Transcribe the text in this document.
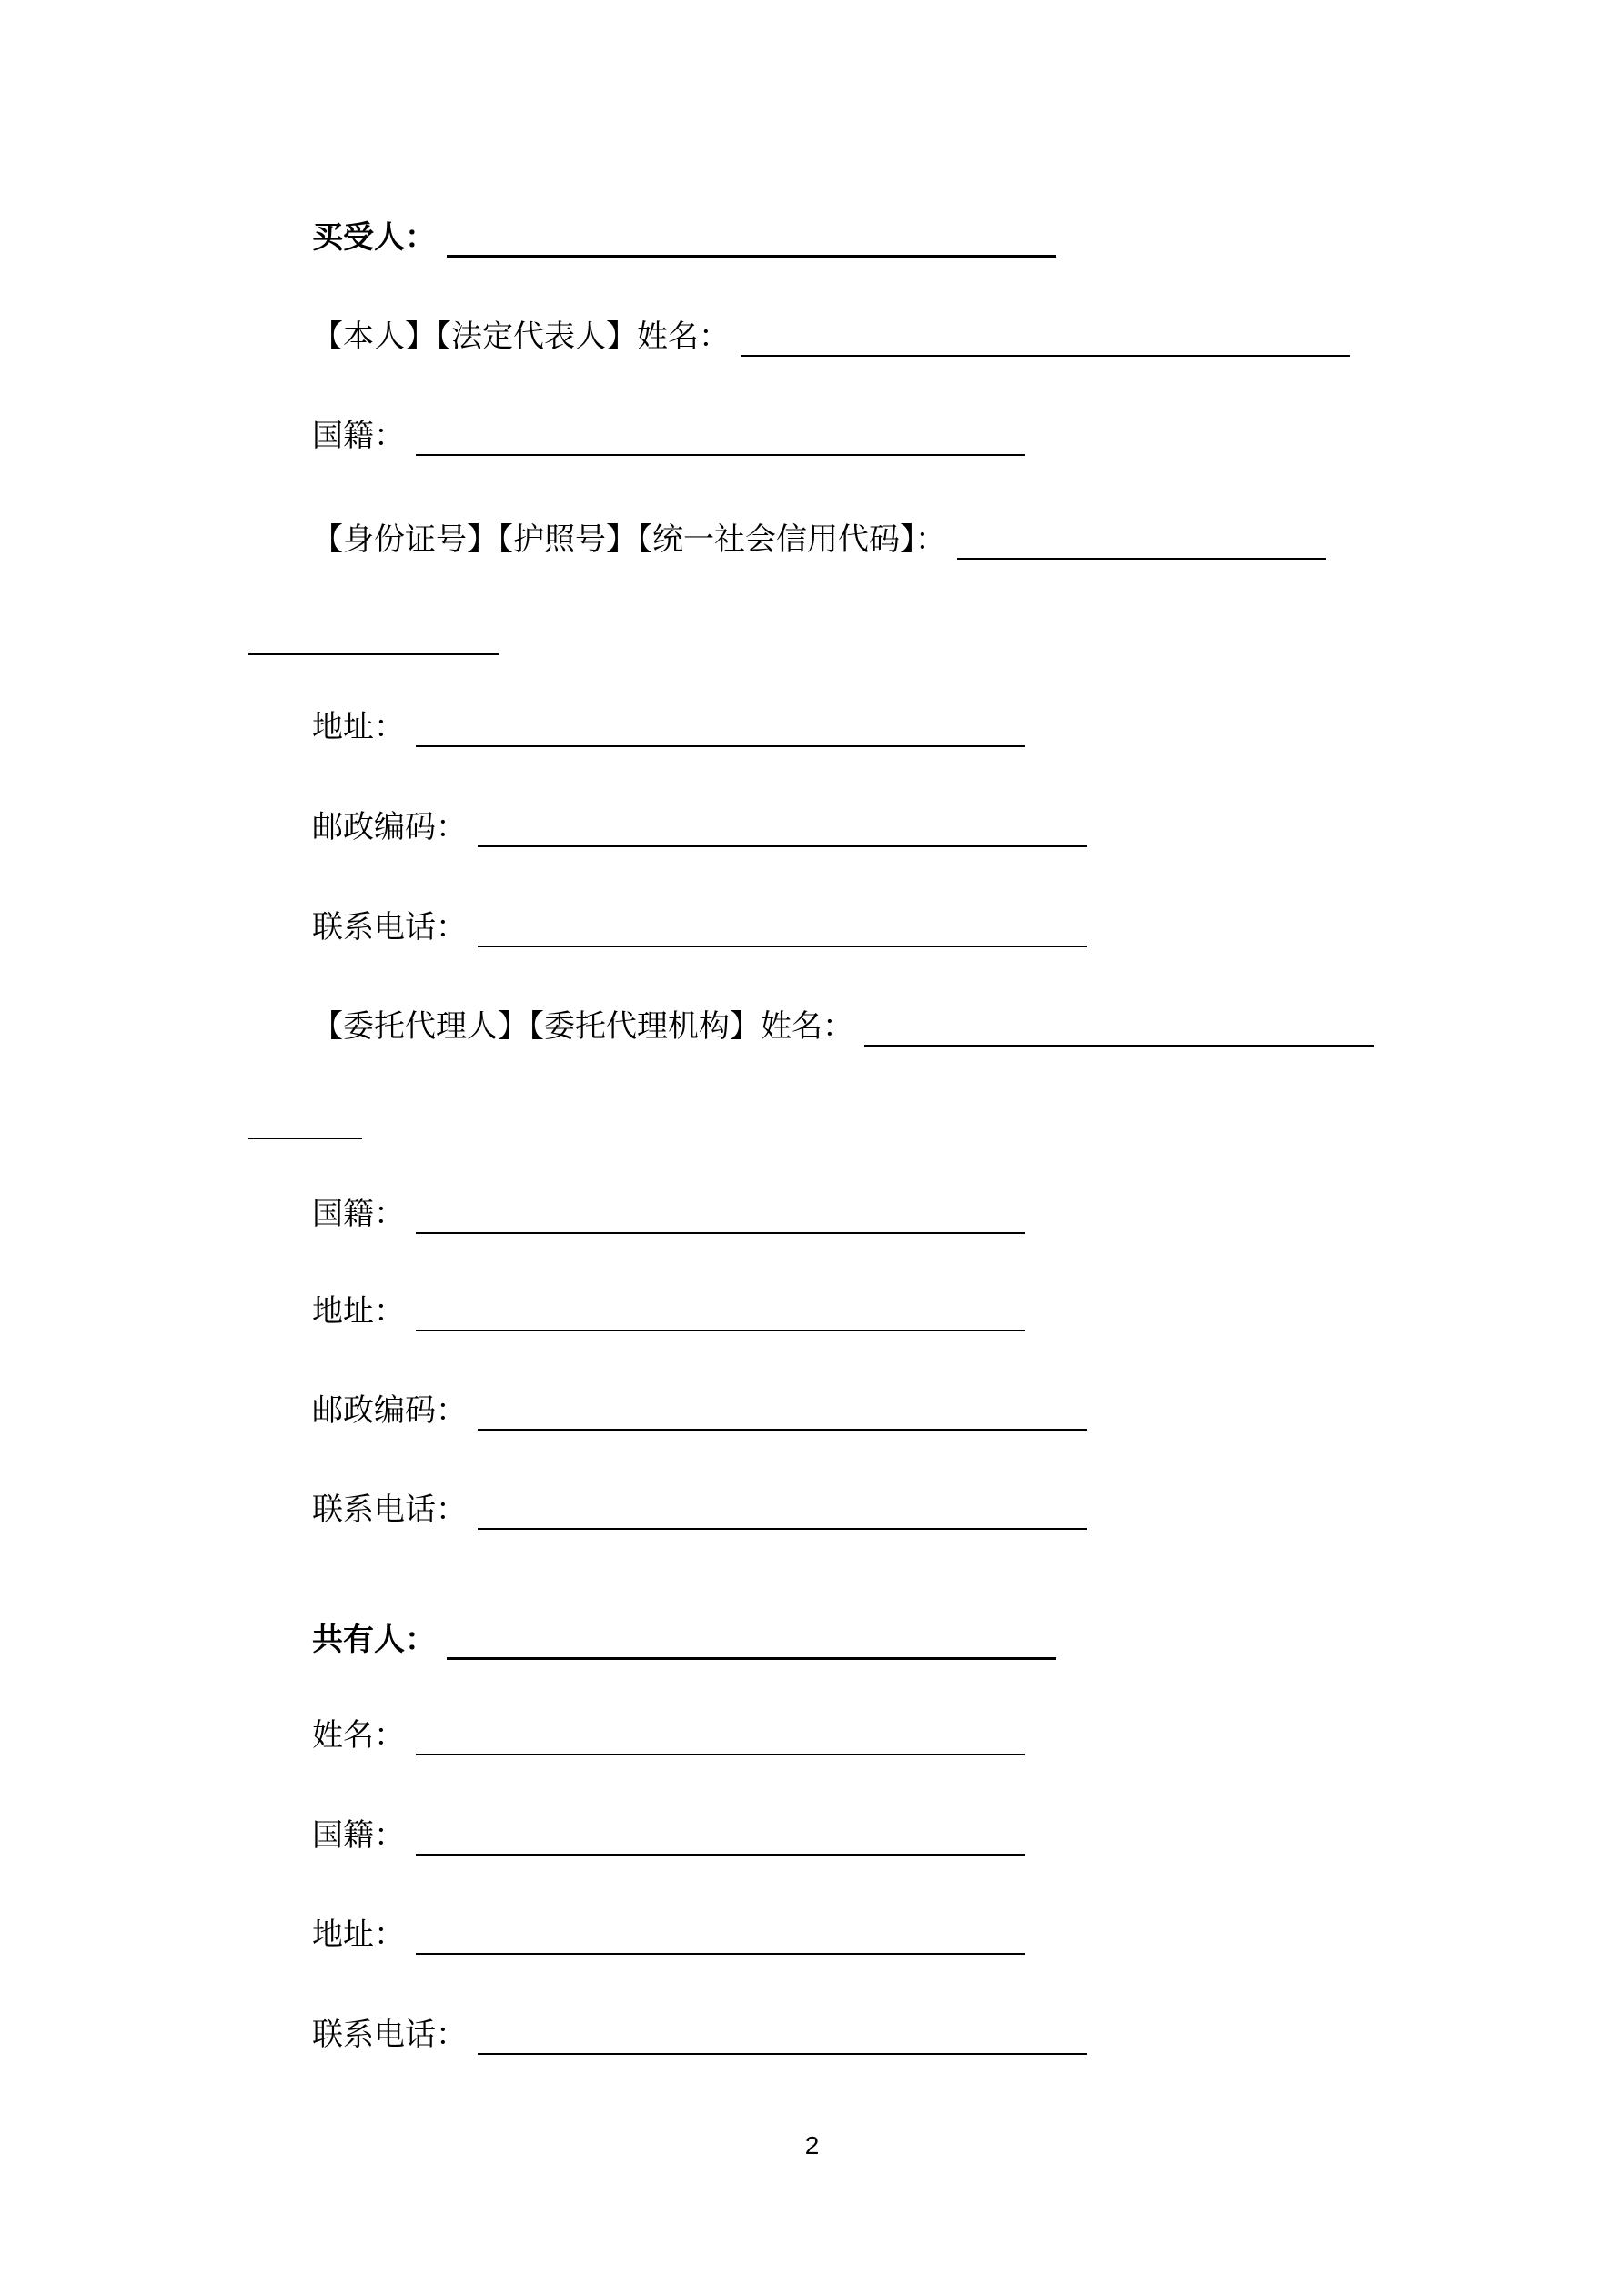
买受人：
【本人】【法定代表人】姓名：
国籍：
【身份证号】【护照号】【统一社会信用代码】：
地址：
邮政编码：
联系电话：
【委托代理人】【委托代理机构】姓名：
国籍：
地址：
邮政编码：
联系电话：
共有人：
姓名：
国籍：
地址：
联系电话：
2
